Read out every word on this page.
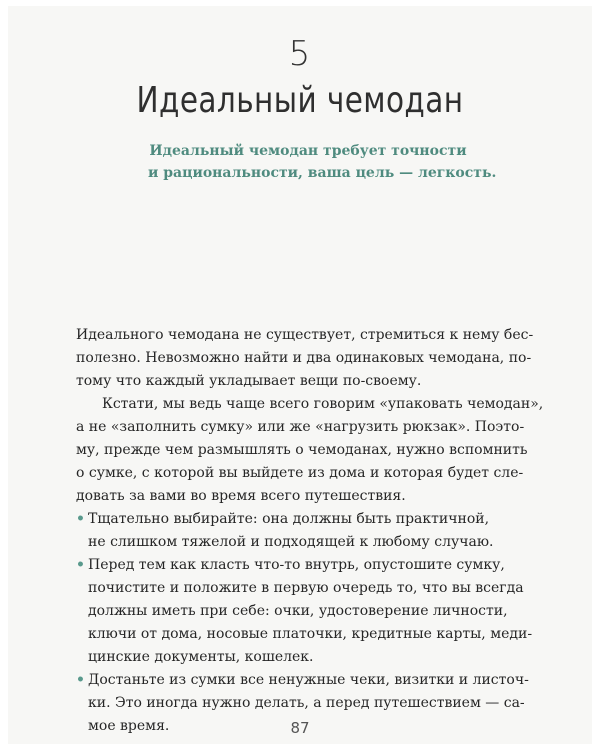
5
Идеальный чемодан
Идеальный чемодан требует точности
и рациональности, ваша цель — легкость.
Идеального чемодана не существует, стремиться к нему бес-
полезно. Невозможно найти и два одинаковых чемодана, по-
тому что каждый укладывает вещи по-своему.
Кстати, мы ведь чаще всего говорим «упаковать чемодан»,
а не «заполнить сумку» или же «нагрузить рюкзак». Поэто-
му, прежде чем размышлять о чемоданах, нужно вспомнить
о сумке, с которой вы выйдете из дома и которая будет сле-
довать за вами во время всего путешествия.
• Тщательно выбирайте: она должны быть практичной,
не слишком тяжелой и подходящей к любому случаю.
• Перед тем как класть что-то внутрь, опустошите сумку,
почистите и положите в первую очередь то, что вы всегда
должны иметь при себе: очки, удостоверение личности,
ключи от дома, носовые платочки, кредитные карты, меди-
цинские документы, кошелек.
• Достаньте из сумки все ненужные чеки, визитки и листоч-
ки. Это иногда нужно делать, а перед путешествием — са-
мое время.	87
